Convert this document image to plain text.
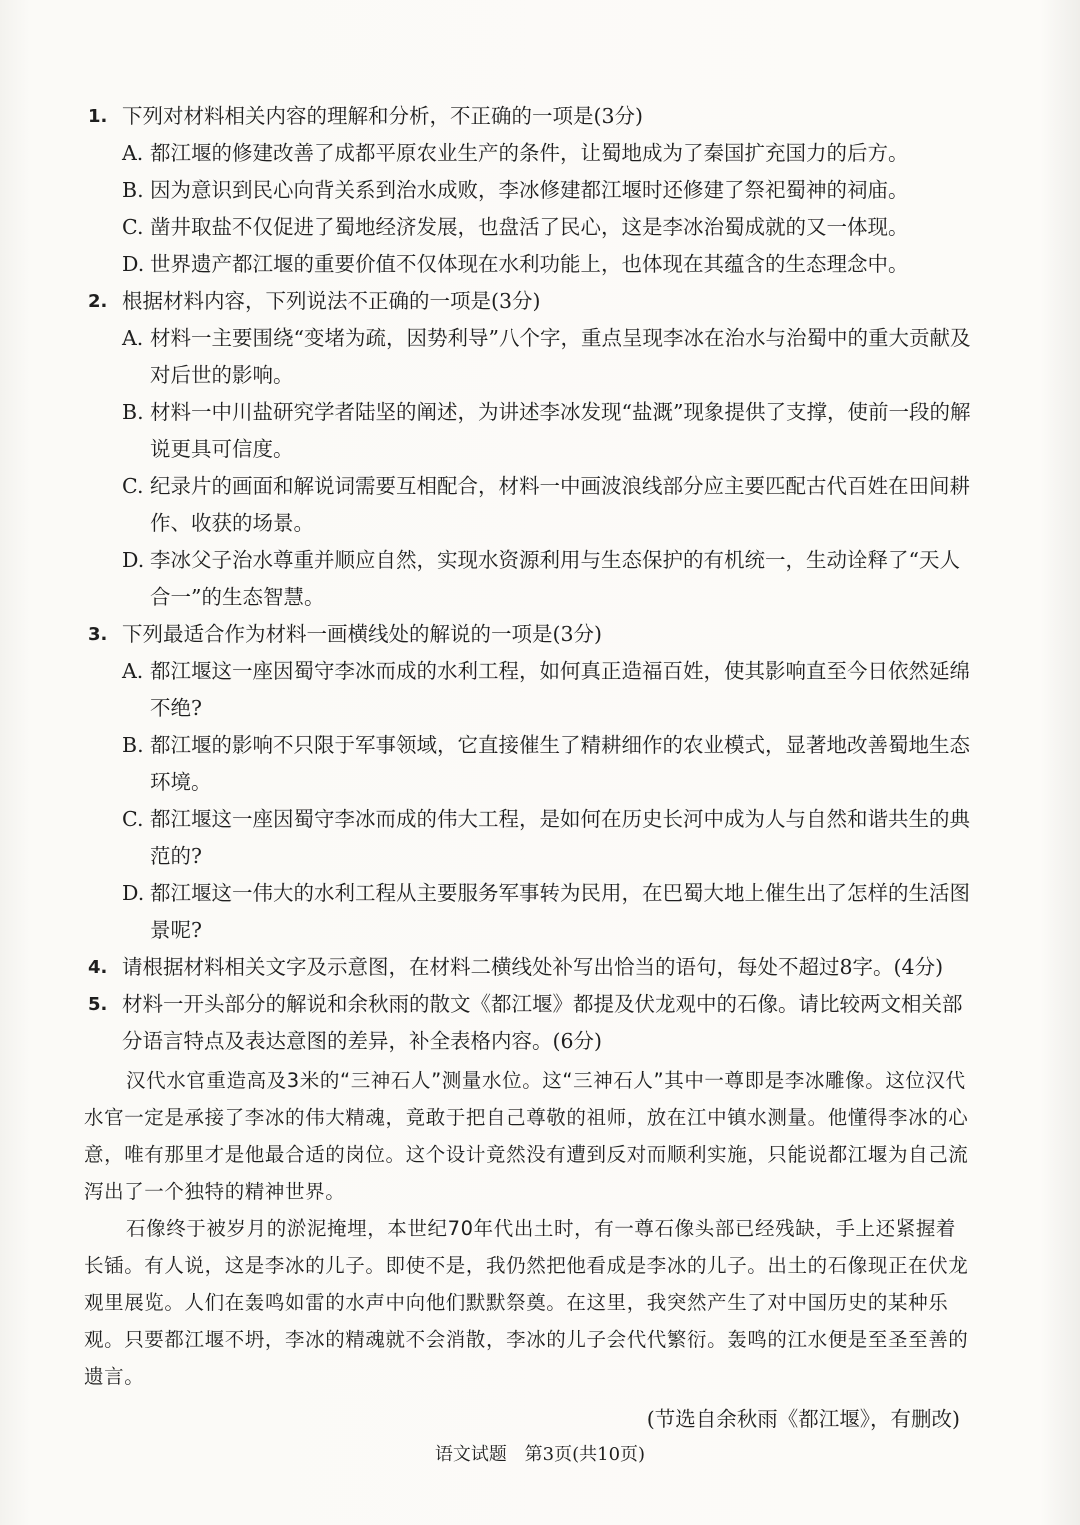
1. 下列对材料相关内容的理解和分析，不正确的一项是(3分)
A. 都江堰的修建改善了成都平原农业生产的条件，让蜀地成为了秦国扩充国力的后方。
B. 因为意识到民心向背关系到治水成败，李冰修建都江堰时还修建了祭祀蜀神的祠庙。
C. 凿井取盐不仅促进了蜀地经济发展，也盘活了民心，这是李冰治蜀成就的又一体现。
D. 世界遗产都江堰的重要价值不仅体现在水利功能上，也体现在其蕴含的生态理念中。
2. 根据材料内容，下列说法不正确的一项是(3分)
A. 材料一主要围绕“变堵为疏，因势利导”八个字，重点呈现李冰在治水与治蜀中的重大贡献及对后世的影响。
B. 材料一中川盐研究学者陆坚的阐述，为讲述李冰发现“盐溉”现象提供了支撑，使前一段的解说更具可信度。
C. 纪录片的画面和解说词需要互相配合，材料一中画波浪线部分应主要匹配古代百姓在田间耕作、收获的场景。
D. 李冰父子治水尊重并顺应自然，实现水资源利用与生态保护的有机统一，生动诠释了“天人合一”的生态智慧。
3. 下列最适合作为材料一画横线处的解说的一项是(3分)
A. 都江堰这一座因蜀守李冰而成的水利工程，如何真正造福百姓，使其影响直至今日依然延绵不绝?
B. 都江堰的影响不只限于军事领域，它直接催生了精耕细作的农业模式，显著地改善蜀地生态环境。
C. 都江堰这一座因蜀守李冰而成的伟大工程，是如何在历史长河中成为人与自然和谐共生的典范的?
D. 都江堰这一伟大的水利工程从主要服务军事转为民用，在巴蜀大地上催生出了怎样的生活图景呢?
4. 请根据材料相关文字及示意图，在材料二横线处补写出恰当的语句，每处不超过8字。(4分)
5. 材料一开头部分的解说和余秋雨的散文《都江堰》都提及伏龙观中的石像。请比较两文相关部分语言特点及表达意图的差异，补全表格内容。(6分)

汉代水官重造高及3米的“三神石人”测量水位。这“三神石人”其中一尊即是李冰雕像。这位汉代水官一定是承接了李冰的伟大精魂，竟敢于把自己尊敬的祖师，放在江中镇水测量。他懂得李冰的心意，唯有那里才是他最合适的岗位。这个设计竟然没有遭到反对而顺利实施，只能说都江堰为自己流泻出了一个独特的精神世界。

石像终于被岁月的淤泥掩埋，本世纪70年代出土时，有一尊石像头部已经残缺，手上还紧握着长锸。有人说，这是李冰的儿子。即使不是，我仍然把他看成是李冰的儿子。出土的石像现正在伏龙观里展览。人们在轰鸣如雷的水声中向他们默默祭奠。在这里，我突然产生了对中国历史的某种乐观。只要都江堰不坍，李冰的精魂就不会消散，李冰的儿子会代代繁衍。轰鸣的江水便是至圣至善的遗言。

(节选自余秋雨《都江堰》，有删改)
语文试题 第3页(共10页)
